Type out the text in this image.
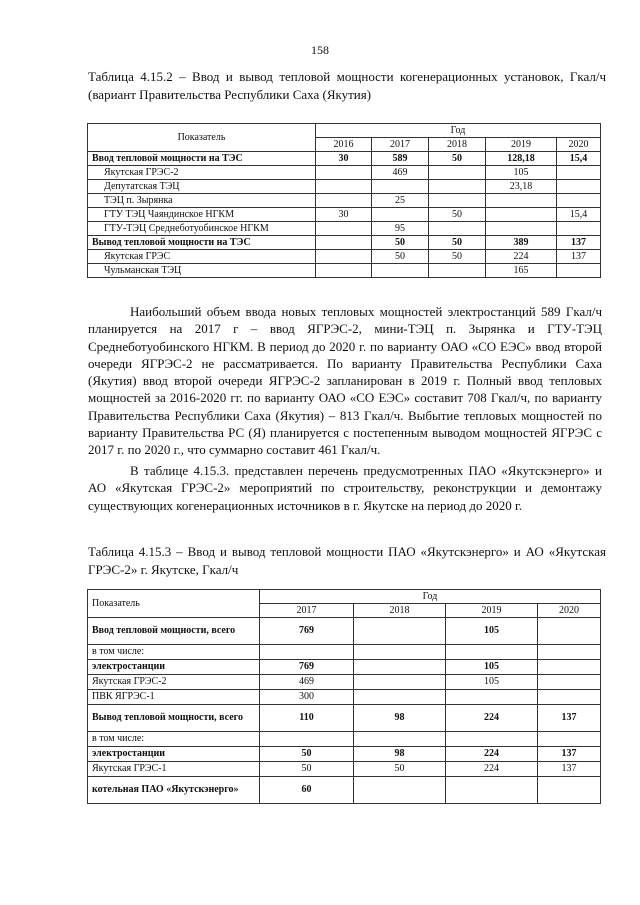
158
Таблица 4.15.2 – Ввод и вывод тепловой мощности когенерационных установок, Гкал/ч (вариант Правительства Республики Саха (Якутия)
Показатель	Год				
	2016	2017	2018	2019	2020
Ввод тепловой мощности на ТЭС	30	589	50	128,18	15,4
Якутская ГРЭС-2		469		105	
Депутатская ТЭЦ				23,18	
ТЭЦ п. Зырянка		25			
ГТУ ТЭЦ Чаяндинское НГКМ	30		50		15,4
ГТУ-ТЭЦ Среднеботуобинское НГКМ		95			
Вывод тепловой мощности на ТЭС		50	50	389	137
Якутская ГРЭС		50	50	224	137
Чульманская ТЭЦ				165	

Наибольший объем ввода новых тепловых мощностей электростанций 589 Гкал/ч планируется на 2017 г – ввод ЯГРЭС-2, мини-ТЭЦ п. Зырянка и ГТУ-ТЭЦ Среднеботуобинского НГКМ. В период до 2020 г. по варианту ОАО «СО ЕЭС» ввод второй очереди ЯГРЭС-2 не рассматривается. По варианту Правительства Республики Саха (Якутия) ввод второй очереди ЯГРЭС-2 запланирован в 2019 г. Полный ввод тепловых мощностей за 2016-2020 гг. по варианту ОАО «СО ЕЭС» составит 708 Гкал/ч, по варианту Правительства Республики Саха (Якутия) – 813 Гкал/ч. Выбытие тепловых мощностей по варианту Правительства РС (Я) планируется с постепенным выводом мощностей ЯГРЭС с 2017 г. по 2020 г., что суммарно составит 461 Гкал/ч.

В таблице 4.15.3. представлен перечень предусмотренных ПАО «Якутскэнерго» и АО «Якутская ГРЭС-2» мероприятий по строительству, реконструкции и демонтажу существующих когенерационных источников в г. Якутске на период до 2020 г.

Таблица 4.15.3 – Ввод и вывод тепловой мощности ПАО «Якутскэнерго» и АО «Якутская ГРЭС-2» г. Якутске, Гкал/ч
Показатель	Год			
	2017	2018	2019	2020
Ввод тепловой мощности, всего	769		105	
в том числе:				
электростанции	769		105	
Якутская ГРЭС-2	469		105	
ПВК ЯГРЭС-1	300			
Вывод тепловой мощности, всего	110	98	224	137
в том числе:				
электростанции	50	98	224	137
Якутская ГРЭС-1	50	50	224	137
котельная ПАО «Якутскэнерго»	60			
